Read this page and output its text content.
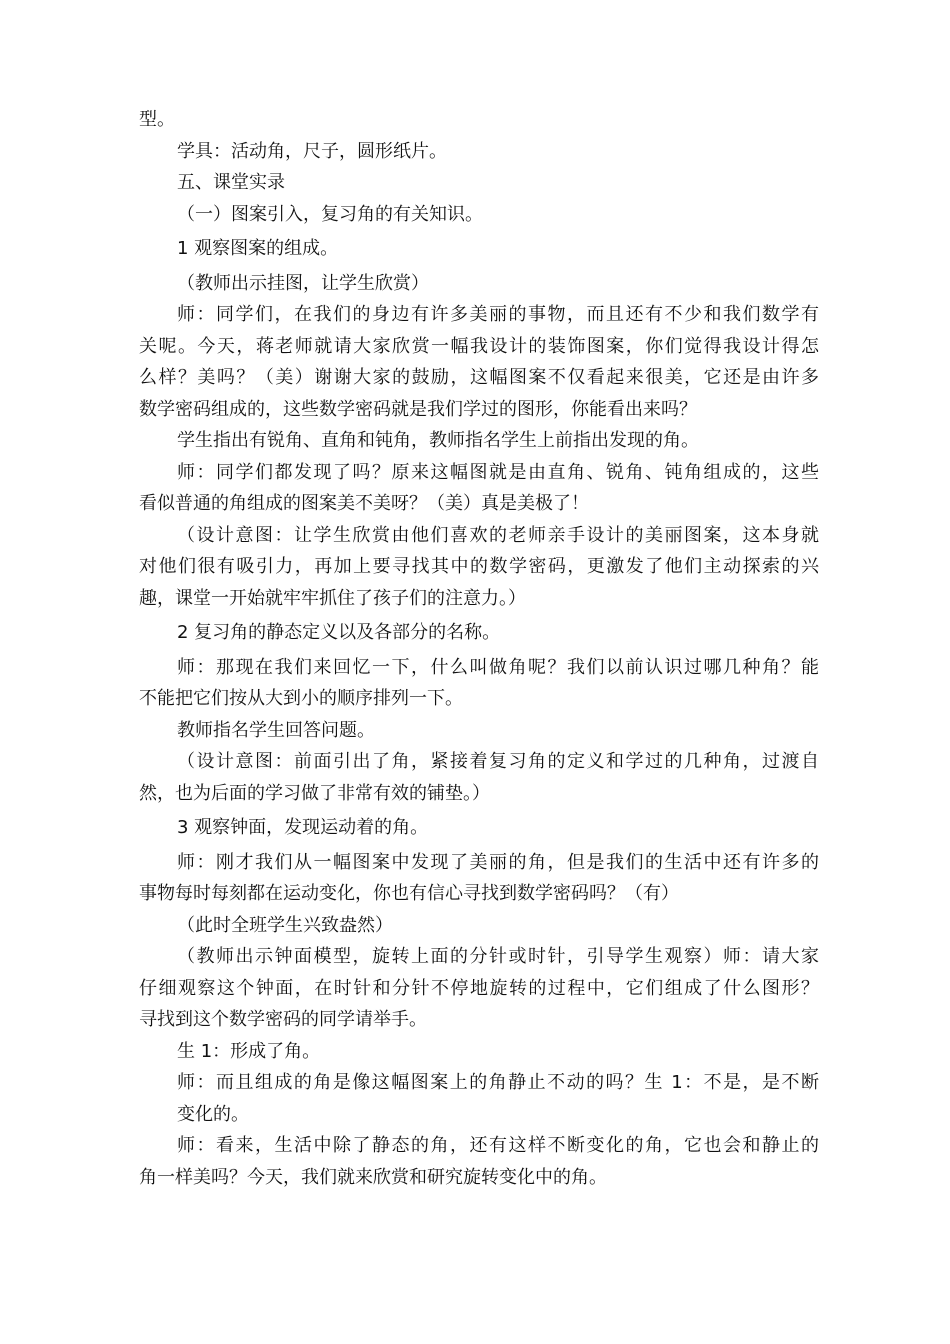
型。

学具：活动角，尺子，圆形纸片。

五、课堂实录

（一）图案引入，复习角的有关知识。

1 观察图案的组成。

（教师出示挂图，让学生欣赏）

师：同学们，在我们的身边有许多美丽的事物，而且还有不少和我们数学有

关呢。今天，蒋老师就请大家欣赏一幅我设计的装饰图案，你们觉得我设计得怎

么样？美吗？（美）谢谢大家的鼓励，这幅图案不仅看起来很美，它还是由许多

数学密码组成的，这些数学密码就是我们学过的图形，你能看出来吗？

学生指出有锐角、直角和钝角，教师指名学生上前指出发现的角。

师：同学们都发现了吗？原来这幅图就是由直角、锐角、钝角组成的，这些

看似普通的角组成的图案美不美呀？（美）真是美极了！

（设计意图：让学生欣赏由他们喜欢的老师亲手设计的美丽图案，这本身就

对他们很有吸引力，再加上要寻找其中的数学密码，更激发了他们主动探索的兴

趣，课堂一开始就牢牢抓住了孩子们的注意力。）

2 复习角的静态定义以及各部分的名称。

师：那现在我们来回忆一下，什么叫做角呢？我们以前认识过哪几种角？能

不能把它们按从大到小的顺序排列一下。

教师指名学生回答问题。

（设计意图：前面引出了角，紧接着复习角的定义和学过的几种角，过渡自

然，也为后面的学习做了非常有效的铺垫。）

3 观察钟面，发现运动着的角。

师：刚才我们从一幅图案中发现了美丽的角，但是我们的生活中还有许多的

事物每时每刻都在运动变化，你也有信心寻找到数学密码吗？（有）

（此时全班学生兴致盎然）

（教师出示钟面模型，旋转上面的分针或时针，引导学生观察）师：请大家

仔细观察这个钟面，在时针和分针不停地旋转的过程中，它们组成了什么图形？

寻找到这个数学密码的同学请举手。

生 1：形成了角。

师：而且组成的角是像这幅图案上的角静止不动的吗？生 1：不是，是不断

变化的。

师：看来，生活中除了静态的角，还有这样不断变化的角，它也会和静止的

角一样美吗？今天，我们就来欣赏和研究旋转变化中的角。
